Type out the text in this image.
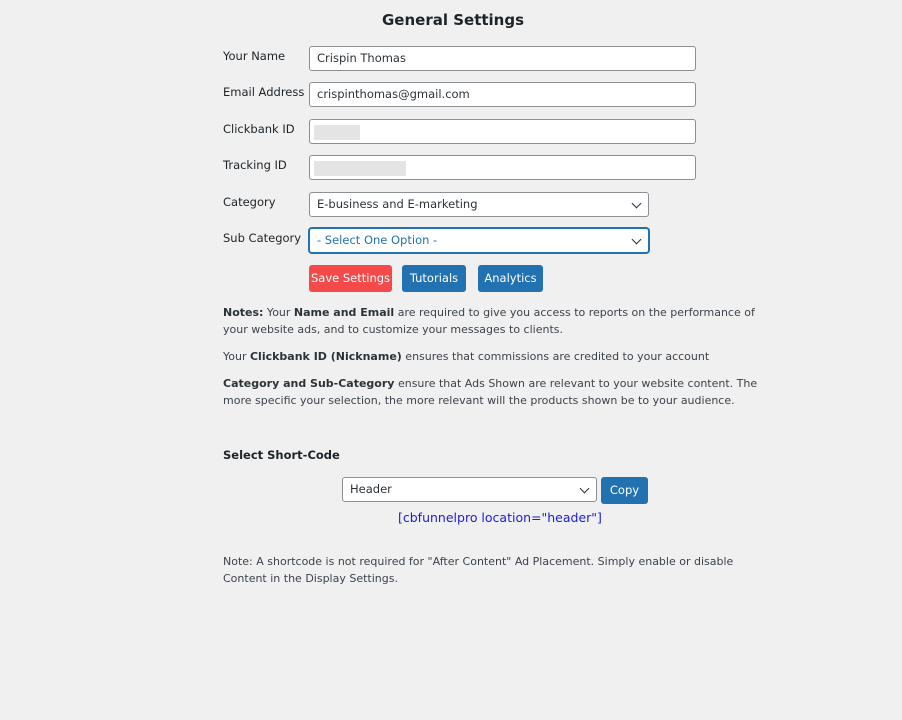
General Settings
Your Name	Crispin Thomas
Email Address	crispinthomas@gmail.com
Clickbank ID
Tracking ID
Category	E-business and E-marketing
Sub Category	- Select One Option -
Save Settings	Tutorials	Analytics
Notes: Your Name and Email are required to give you access to reports on the performance of your website ads, and to customize your messages to clients.
Your Clickbank ID (Nickname) ensures that commissions are credited to your account
Category and Sub-Category ensure that Ads Shown are relevant to your website content. The more specific your selection, the more relevant will the products shown be to your audience.
Select Short-Code
Header	Copy
[cbfunnelpro location="header"]
Note: A shortcode is not required for "After Content" Ad Placement. Simply enable or disable Content in the Display Settings.
